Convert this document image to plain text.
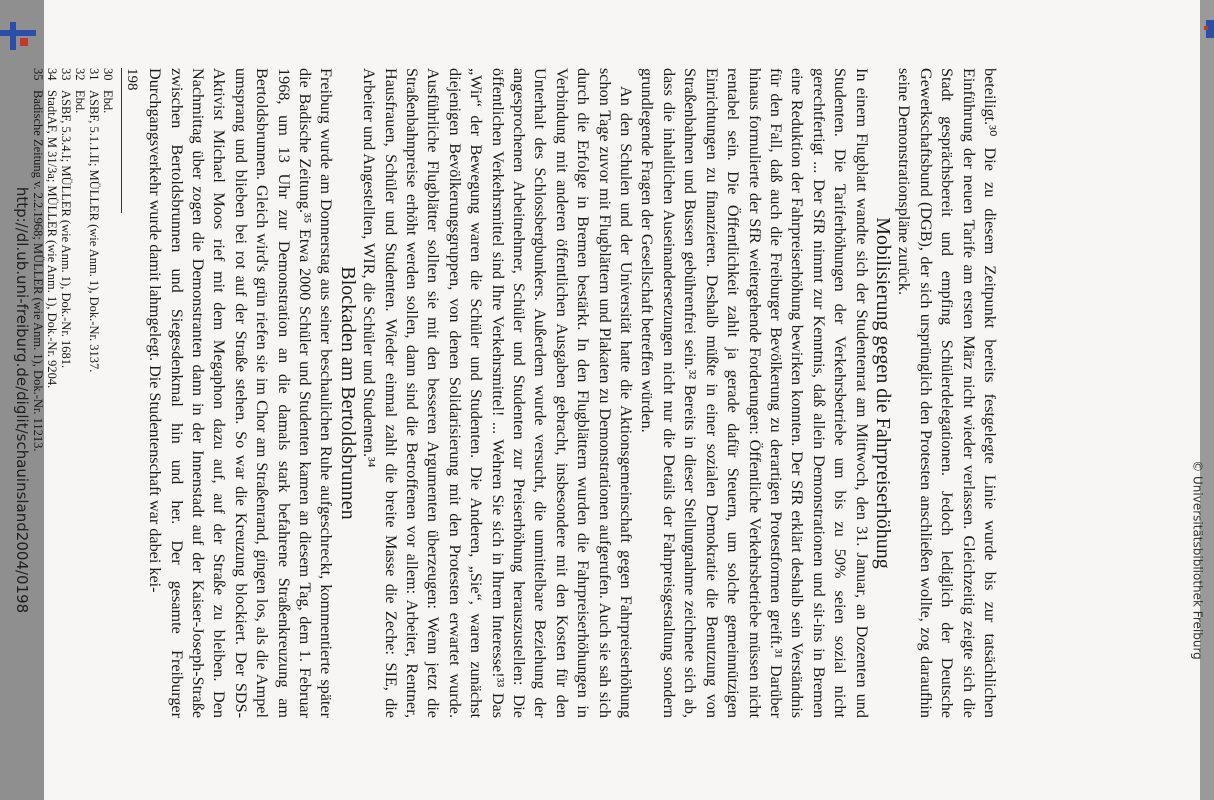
http://dl.ub.uni-freiburg.de/diglit/schauinsland2004/0198	beteiligt.³⁰ Die zu diesem Zeitpunkt bereits festgelegte Linie wurde bis zur tatsächlichen Einführung der neuen Tarife am ersten März nicht wieder verlassen. Gleichzeitig zeigte sich die Stadt gesprächsbereit und empfing Schülerdelegationen. Jedoch lediglich der Deutsche Gewerkschaftsbund (DGB), der sich ursprünglich den Protesten anschließen wollte, zog daraufhin seine Demonstrationspläne zurück.

Mobilisierung gegen die Fahrpreiserhöhung

In einem Flugblatt wandte sich der Studentenrat am Mittwoch, den 31. Januar, an Dozenten und Studenten. Die Tariferhöhungen der Verkehrsbetriebe um bis zu 50% seien sozial nicht gerechtfertigt ... Der SfR nimmt zur Kenntnis, daß allein Demonstrationen und sit-ins in Bremen eine Reduktion der Fahrpreiserhöhung bewirken konnten. Der SfR erklärt deshalb sein Verständnis für den Fall, daß auch die Freiburger Bevölkerung zu derartigen Protestformen greift.³¹ Darüber hinaus formulierte der SfR weitergehende Forderungen: Öffentliche Verkehrsbetriebe müssen nicht rentabel sein. Die Öffentlichkeit zahlt ja gerade dafür Steuern, um solche gemeinnützigen Einrichtungen zu finanzieren. Deshalb müßte in einer sozialen Demokratie die Benutzung von Straßenbahnen und Bussen gebührenfrei sein.³² Bereits in dieser Stellungnahme zeichnete sich ab, dass die inhaltlichen Auseinandersetzungen nicht nur die Details der Fahrpreisgestaltung sondern grundlegende Fragen der Gesellschaft betreffen würden.

An den Schulen und der Universität hatte die Aktionsgemeinschaft gegen Fahrpreiserhöhung schon Tage zuvor mit Flugblättern und Plakaten zu Demonstrationen aufgerufen. Auch sie sah sich durch die Erfolge in Bremen bestärkt. In den Flugblättern wurden die Fahrpreiserhöhungen in Verbindung mit anderen öffentlichen Ausgaben gebracht, insbesondere mit den Kosten für den Unterhalt des Schlossbergbunkers. Außerdem wurde versucht, die unmittelbare Beziehung der angesprochenen Arbeitnehmer, Schüler und Studenten zur Preiserhöhung herauszustellen: Die öffentlichen Verkehrsmittel sind Ihre Verkehrsmittel! ... Wehren Sie sich in Ihrem Interesse!³³ Das „Wir“ der Bewegung waren die Schüler und Studenten. Die Anderen, „Sie“, waren zunächst diejenigen Bevölkerungsgruppen, von denen Solidarisierung mit den Protesten erwartet wurde. Ausführliche Flugblätter sollten sie mit den besseren Argumenten überzeugen: Wenn jetzt die Straßenbahnpreise erhöht werden sollen, dann sind die Betroffenen vor allem: Arbeiter, Rentner, Hausfrauen, Schüler und Studenten. Wieder einmal zahlt die breite Masse die Zeche: SIE, die Arbeiter und Angestellten, WIR, die Schüler und Studenten.³⁴

Blockaden am Bertoldsbrunnen

Freiburg wurde am Donnerstag aus seiner beschaulichen Ruhe aufgeschreckt, kommentierte später die Badische Zeitung.³⁵ Etwa 2000 Schüler und Studenten kamen an diesem Tag, dem 1. Februar 1968, um 13 Uhr zur Demonstration an die damals stark befahrene Straßenkreuzung am Bertoldsbrunnen. Gleich wird's grün riefen sie im Chor am Straßenrand, gingen los, als die Ampel umsprang und blieben bei rot auf der Straße stehen. So war die Kreuzung blockiert. Der SDS-Aktivist Michael Moos rief mit dem Megaphon dazu auf, auf der Straße zu bleiben. Den Nachmittag über zogen die Demonstranten dann in der Innenstadt auf der Kaiser-Joseph-Straße zwischen Bertoldsbrunnen und Siegesdenkmal hin und her. Der gesamte Freiburger Durchgangsverkehr wurde damit lahmgelegt. Die Studentenschaft war dabei kei-

30
Ebd.

31
ASBF, 5.1.1.II; MÜLLER (wie Anm. 1), Dok.-Nr. 3137.

32
Ebd.

33
ASBF, 5.3.4.I; MÜLLER (wie Anm. 1), Dok.-Nr. 1681.

34
StadtAF, M 31/3a; MÜLLER (wie Anm. 1), Dok.-Nr. 9204.

35
Badische Zeitung v. 2.2.1968; MÜLLER (wie Anm. 1), Dok.-Nr. 11213.

198
© Universitätsbibliothek Freiburg
